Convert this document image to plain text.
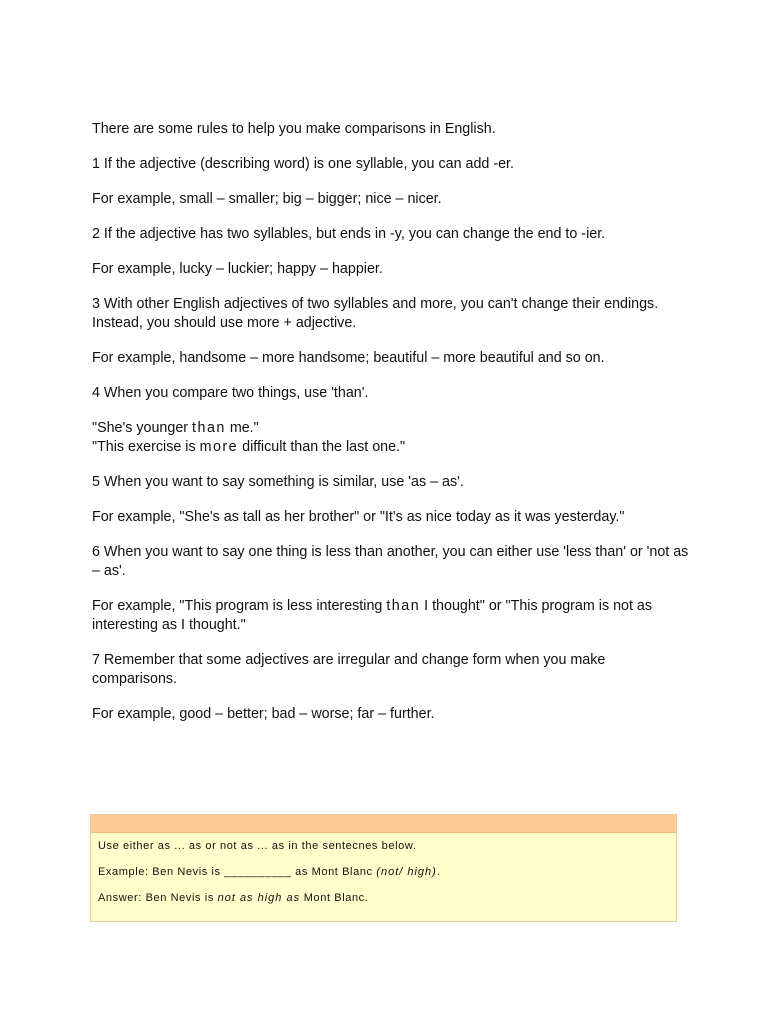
There are some rules to help you make comparisons in English.

1 If the adjective (describing word) is one syllable, you can add -er.

For example, small – smaller; big – bigger; nice – nicer.

2 If the adjective has two syllables, but ends in -y, you can change the end to -ier.

For example, lucky – luckier; happy – happier.

3 With other English adjectives of two syllables and more, you can't change their endings. Instead, you should use more + adjective.

For example, handsome – more handsome; beautiful – more beautiful and so on.

4 When you compare two things, use 'than'.

"She's younger than me."
"This exercise is more difficult than the last one."

5 When you want to say something is similar, use 'as – as'.

For example, "She's as tall as her brother" or "It's as nice today as it was yesterday."

6 When you want to say one thing is less than another, you can either use 'less than' or 'not as – as'.

For example, "This program is less interesting than I thought" or "This program is not as interesting as I thought."

7 Remember that some adjectives are irregular and change form when you make comparisons.

For example, good – better; bad – worse; far – further.

Use either as ... as or not as ... as in the sentecnes below.

Example: Ben Nevis is __________ as Mont Blanc (not/ high).

Answer: Ben Nevis is not as high as Mont Blanc.
